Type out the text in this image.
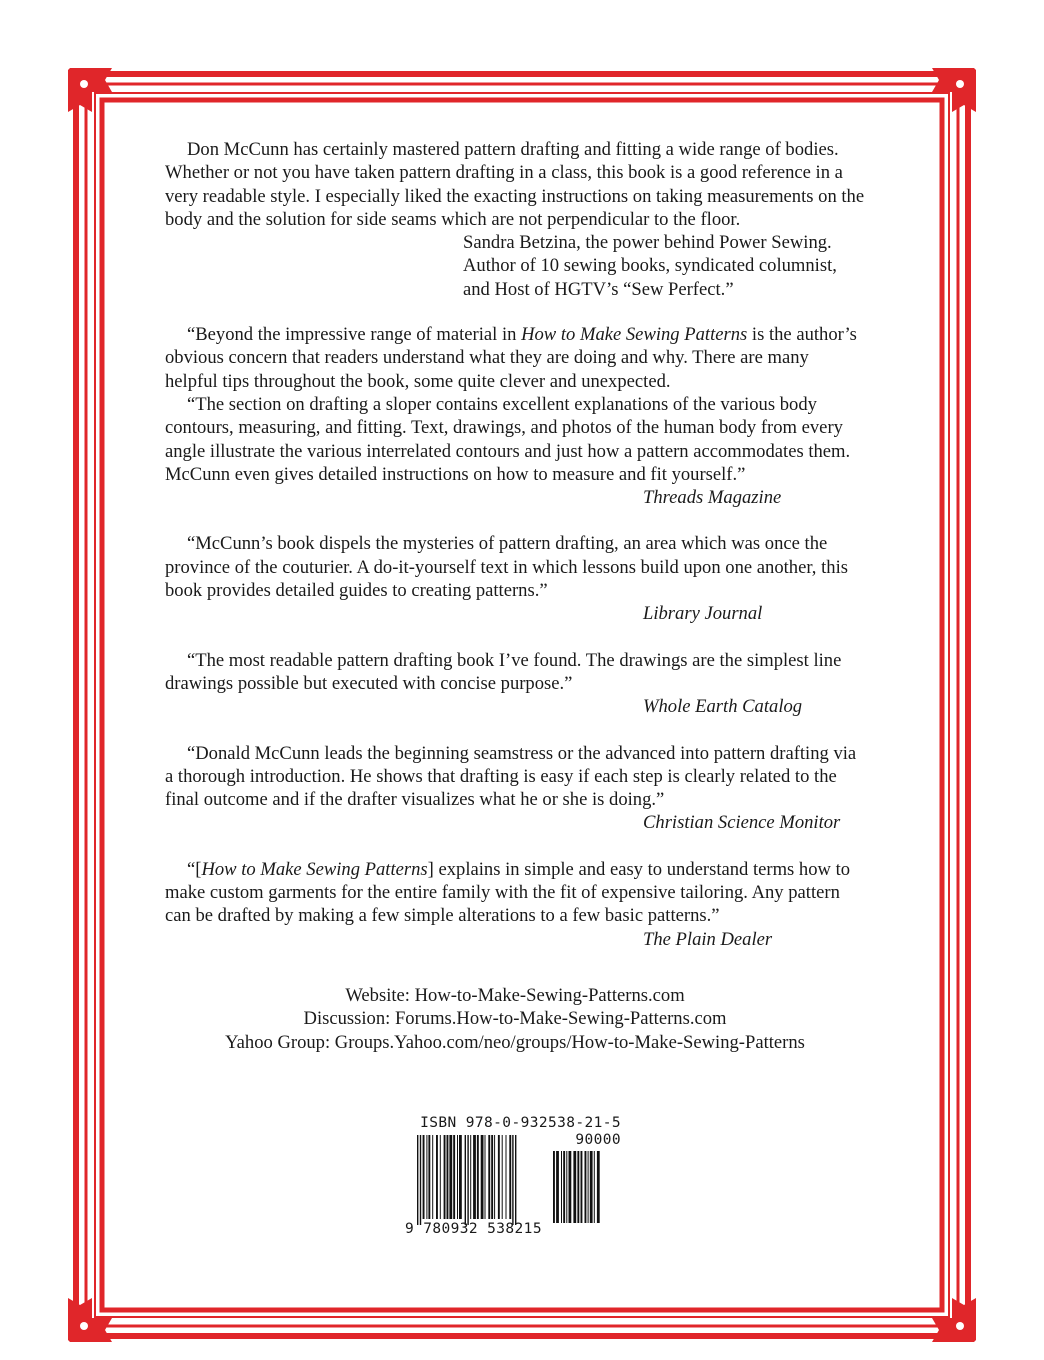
Don McCunn has certainly mastered pattern drafting and fitting a wide range of bodies. Whether or not you have taken pattern drafting in a class, this book is a good reference in a very readable style. I especially liked the exacting instructions on taking measurements on the body and the solution for side seams which are not perpendicular to the floor.

Sandra Betzina, the power behind Power Sewing.

Author of 10 sewing books, syndicated columnist,

and Host of HGTV’s “Sew Perfect.”

“Beyond the impressive range of material in How to Make Sewing Patterns is the author’s obvious concern that readers understand what they are doing and why. There are many helpful tips throughout the book, some quite clever and unexpected.

“The section on drafting a sloper contains excellent explanations of the various body contours, measuring, and fitting. Text, drawings, and photos of the human body from every angle illustrate the various interrelated contours and just how a pattern accommodates them. McCunn even gives detailed instructions on how to measure and fit yourself.”

Threads Magazine

“McCunn’s book dispels the mysteries of pattern drafting, an area which was once the province of the couturier. A do-it-yourself text in which lessons build upon one another, this book provides detailed guides to creating patterns.”

Library Journal

“The most readable pattern drafting book I’ve found. The drawings are the simplest line drawings possible but executed with concise purpose.”

Whole Earth Catalog

“Donald McCunn leads the beginning seamstress or the advanced into pattern drafting via a thorough introduction. He shows that drafting is easy if each step is clearly related to the final outcome and if the drafter visualizes what he or she is doing.”

Christian Science Monitor

“[How to Make Sewing Patterns] explains in simple and easy to understand terms how to make custom garments for the entire family with the fit of expensive tailoring. Any pattern can be drafted by making a few simple alterations to a few basic patterns.”

The Plain Dealer

Website: How-to-Make-Sewing-Patterns.com

Discussion: Forums.How-to-Make-Sewing-Patterns.com

Yahoo Group: Groups.Yahoo.com/neo/groups/How-to-Make-Sewing-Patterns

ISBN 978-0-932538-21-5
90000
9 780932 538215
